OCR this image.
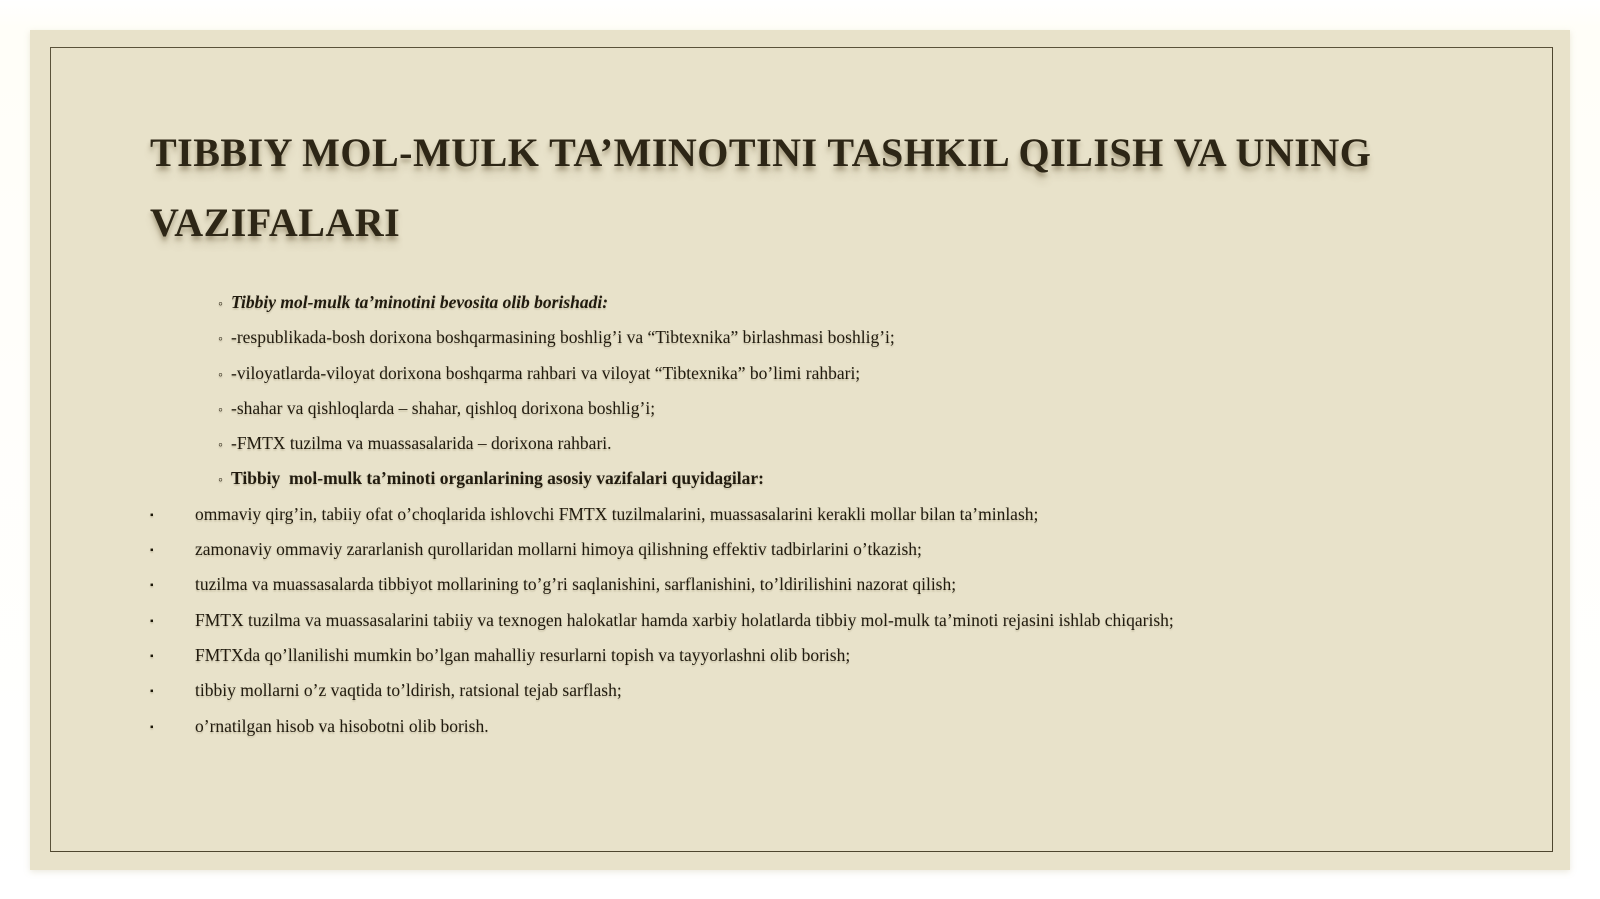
TIBBIY MOL-MULK TA’MINOTINI TASHKIL QILISH VA UNING VAZIFALARI
◦ Tibbiy mol-mulk ta’minotini bevosita olib borishadi:
◦ -respublikada-bosh dorixona boshqarmasining boshlig’i va “Tibtexnika” birlashmasi boshlig’i;
◦ -viloyatlarda-viloyat dorixona boshqarma rahbari va viloyat “Tibtexnika” bo’limi rahbari;
◦ -shahar va qishloqlarda – shahar, qishloq dorixona boshlig’i;
◦ -FMTX tuzilma va muassasalarida – dorixona rahbari.
◦ Tibbiy  mol-mulk ta’minoti organlarining asosiy vazifalari quyidagilar:
▪ ommaviy qirg’in, tabiiy ofat o’choqlarida ishlovchi FMTX tuzilmalarini, muassasalarini kerakli mollar bilan ta’minlash;
▪ zamonaviy ommaviy zararlanish qurollaridan mollarni himoya qilishning effektiv tadbirlarini o’tkazish;
▪ tuzilma va muassasalarda tibbiyot mollarining to’g’ri saqlanishini, sarflanishini, to’ldirilishini nazorat qilish;
▪ FMTX tuzilma va muassasalarini tabiiy va texnogen halokatlar hamda xarbiy holatlarda tibbiy mol-mulk ta’minoti rejasini ishlab chiqarish;
▪ FMTXda qo’llanilishi mumkin bo’lgan mahalliy resurlarni topish va tayyorlashni olib borish;
▪ tibbiy mollarni o’z vaqtida to’ldirish, ratsional tejab sarflash;
▪ o’rnatilgan hisob va hisobotni olib borish.
